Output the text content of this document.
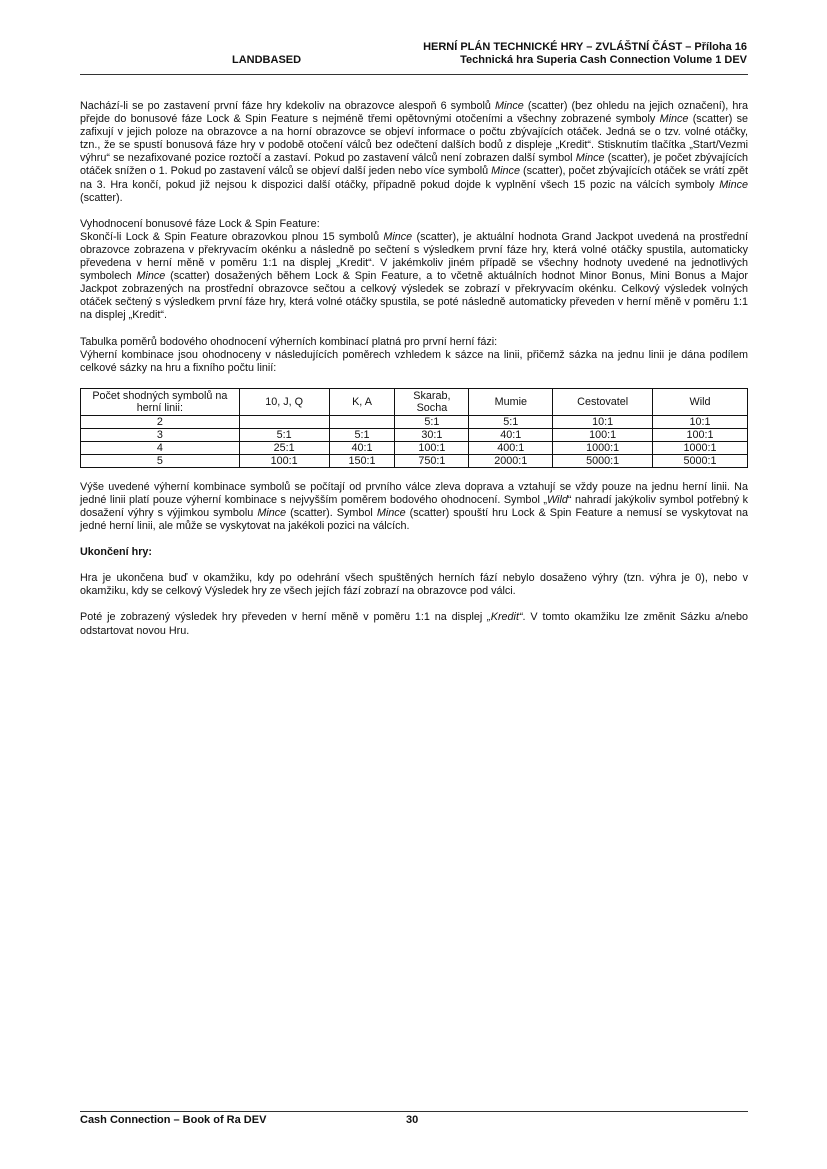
LANDBASED
HERNÍ PLÁN TECHNICKÉ HRY – ZVLÁŠTNÍ ČÁST – Příloha 16
Technická hra Superia Cash Connection Volume 1 DEV

Nachází-li se po zastavení první fáze hry kdekoliv na obrazovce alespoň 6 symbolů Mince (scatter) (bez ohledu na jejich označení), hra přejde do bonusové fáze Lock & Spin Feature s nejméně třemi opětovnými otočeními a všechny zobrazené symboly Mince (scatter) se zafixují v jejich poloze na obrazovce a na horní obrazovce se objeví informace o počtu zbývajících otáček. Jedná se o tzv. volné otáčky, tzn., že se spustí bonusová fáze hry v podobě otočení válců bez odečtení dalších bodů z displeje „Kredit“. Stisknutím tlačítka „Start/Vezmi výhru“ se nezafixované pozice roztočí a zastaví. Pokud po zastavení válců není zobrazen další symbol Mince (scatter), je počet zbývajících otáček snížen o 1. Pokud po zastavení válců se objeví další jeden nebo více symbolů Mince (scatter), počet zbývajících otáček se vrátí zpět na 3. Hra končí, pokud již nejsou k dispozici další otáčky, případně pokud dojde k vyplnění všech 15 pozic na válcích symboly Mince (scatter).

Vyhodnocení bonusové fáze Lock & Spin Feature:

Skončí-li Lock & Spin Feature obrazovkou plnou 15 symbolů Mince (scatter), je aktuální hodnota Grand Jackpot uvedená na prostřední obrazovce zobrazena v překryvacím okénku a následně po sečtení s výsledkem první fáze hry, která volné otáčky spustila, automaticky převedena v herní měně v poměru 1:1 na displej „Kredit“. V jakémkoliv jiném případě se všechny hodnoty uvedené na jednotlivých symbolech Mince (scatter) dosažených během Lock & Spin Feature, a to včetně aktuálních hodnot Minor Bonus, Mini Bonus a Major Jackpot zobrazených na prostřední obrazovce sečtou a celkový výsledek se zobrazí v překryvacím okénku. Celkový výsledek volných otáček sečtený s výsledkem první fáze hry, která volné otáčky spustila, se poté následně automaticky převeden v herní měně v poměru 1:1 na displej „Kredit“.

Tabulka poměrů bodového ohodnocení výherních kombinací platná pro první herní fázi:

Výherní kombinace jsou ohodnoceny v následujících poměrech vzhledem k sázce na linii, přičemž sázka na jednu linii je dána podílem celkové sázky na hru a fixního počtu linií:

Počet shodných symbolů na herní linii:	10, J, Q	K, A	Skarab, Socha	Mumie	Cestovatel	Wild
2			5:1	5:1	10:1	10:1
3	5:1	5:1	30:1	40:1	100:1	100:1
4	25:1	40:1	100:1	400:1	1000:1	1000:1
5	100:1	150:1	750:1	2000:1	5000:1	5000:1

Výše uvedené výherní kombinace symbolů se počítají od prvního válce zleva doprava a vztahují se vždy pouze na jednu herní linii. Na jedné linii platí pouze výherní kombinace s nejvyšším poměrem bodového ohodnocení. Symbol „Wild“ nahradí jakýkoliv symbol potřebný k dosažení výhry s výjimkou symbolu Mince (scatter). Symbol Mince (scatter) spouští hru Lock & Spin Feature a nemusí se vyskytovat na jedné herní linii, ale může se vyskytovat na jakékoli pozici na válcích.

Ukončení hry:

Hra je ukončena buď v okamžiku, kdy po odehrání všech spuštěných herních fází nebylo dosaženo výhry (tzn. výhra je 0), nebo v okamžiku, kdy se celkový Výsledek hry ze všech jejích fází zobrazí na obrazovce pod válci.

Poté je zobrazený výsledek hry převeden v herní měně v poměru 1:1 na displej „Kredit“. V tomto okamžiku lze změnit Sázku a/nebo odstartovat novou Hru.

Cash Connection – Book of Ra DEV	30
